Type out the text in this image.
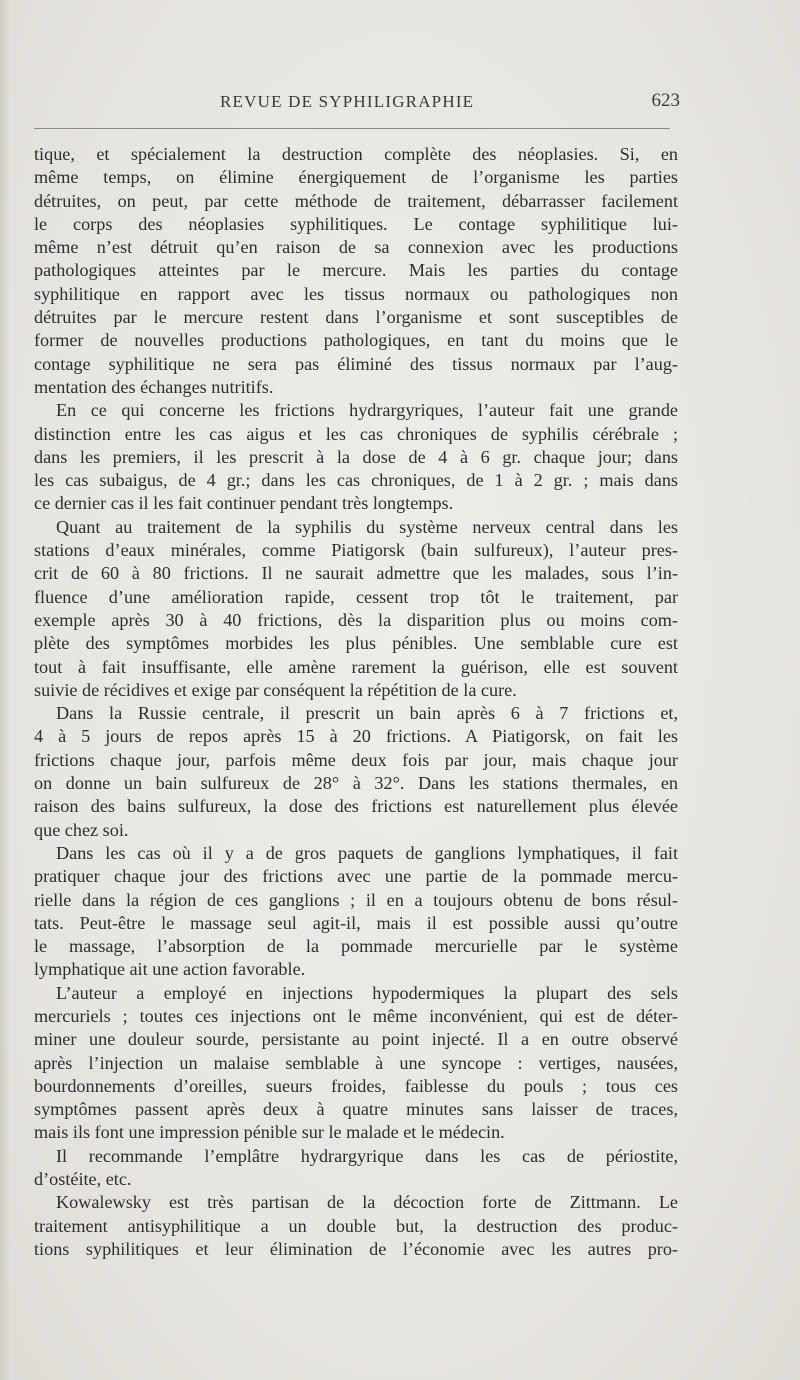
REVUE DE SYPHILIGRAPHIE	623
tique, et spécialement la destruction complète des néoplasies. Si, en
même temps, on élimine énergiquement de l’organisme les parties
détruites, on peut, par cette méthode de traitement, débarrasser facilement
le corps des néoplasies syphilitiques. Le contage syphilitique lui-
même n’est détruit qu’en raison de sa connexion avec les productions
pathologiques atteintes par le mercure. Mais les parties du contage
syphilitique en rapport avec les tissus normaux ou pathologiques non
détruites par le mercure restent dans l’organisme et sont susceptibles de
former de nouvelles productions pathologiques, en tant du moins que le
contage syphilitique ne sera pas éliminé des tissus normaux par l’aug-
mentation des échanges nutritifs.
En ce qui concerne les frictions hydrargyriques, l’auteur fait une grande
distinction entre les cas aigus et les cas chroniques de syphilis cérébrale ;
dans les premiers, il les prescrit à la dose de 4 à 6 gr. chaque jour; dans
les cas subaigus, de 4 gr.; dans les cas chroniques, de 1 à 2 gr. ; mais dans
ce dernier cas il les fait continuer pendant très longtemps.
Quant au traitement de la syphilis du système nerveux central dans les
stations d’eaux minérales, comme Piatigorsk (bain sulfureux), l’auteur pres-
crit de 60 à 80 frictions. Il ne saurait admettre que les malades, sous l’in-
fluence d’une amélioration rapide, cessent trop tôt le traitement, par
exemple après 30 à 40 frictions, dès la disparition plus ou moins com-
plète des symptômes morbides les plus pénibles. Une semblable cure est
tout à fait insuffisante, elle amène rarement la guérison, elle est souvent
suivie de récidives et exige par conséquent la répétition de la cure.
Dans la Russie centrale, il prescrit un bain après 6 à 7 frictions et,
4 à 5 jours de repos après 15 à 20 frictions. A Piatigorsk, on fait les
frictions chaque jour, parfois même deux fois par jour, mais chaque jour
on donne un bain sulfureux de 28° à 32°. Dans les stations thermales, en
raison des bains sulfureux, la dose des frictions est naturellement plus élevée
que chez soi.
Dans les cas où il y a de gros paquets de ganglions lymphatiques, il fait
pratiquer chaque jour des frictions avec une partie de la pommade mercu-
rielle dans la région de ces ganglions ; il en a toujours obtenu de bons résul-
tats. Peut-être le massage seul agit-il, mais il est possible aussi qu’outre
le massage, l’absorption de la pommade mercurielle par le système
lymphatique ait une action favorable.
L’auteur a employé en injections hypodermiques la plupart des sels
mercuriels ; toutes ces injections ont le même inconvénient, qui est de déter-
miner une douleur sourde, persistante au point injecté. Il a en outre observé
après l’injection un malaise semblable à une syncope : vertiges, nausées,
bourdonnements d’oreilles, sueurs froides, faiblesse du pouls ; tous ces
symptômes passent après deux à quatre minutes sans laisser de traces,
mais ils font une impression pénible sur le malade et le médecin.
Il recommande l’emplâtre hydrargyrique dans les cas de périostite,
d’ostéite, etc.
Kowalewsky est très partisan de la décoction forte de Zittmann. Le
traitement antisyphilitique a un double but, la destruction des produc-
tions syphilitiques et leur élimination de l’économie avec les autres pro-
